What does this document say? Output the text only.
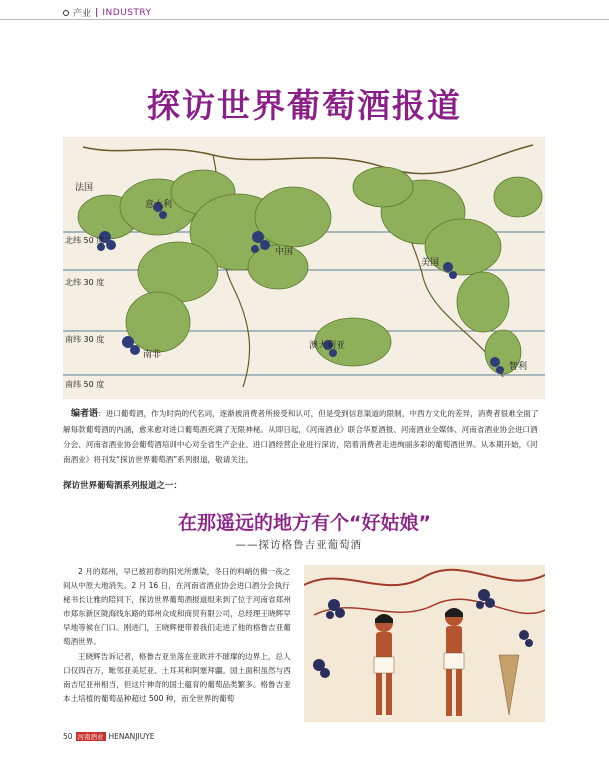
产业 | INDUSTRY
探访世界葡萄酒报道
北纬 50 度
北纬 30 度
南纬 30 度
南纬 50 度
法国
意大利
中国
美国
南非
澳大利亚
智利

编者语：进口葡萄酒，作为时尚的代名词，逐渐被消费者所接受和认可，但是受到信息渠道的限制，中西方文化的差异，消费者很难全面了解每款葡萄酒的内涵，愈来愈对进口葡萄酒充满了无限神秘。从即日起，《河南酒业》联合华夏酒报、河南酒业全媒体、河南省酒业协会进口酒分会、河南省酒业协会葡萄酒培训中心对全省生产企业、进口酒经营企业进行深访，陪着消费者走进绚丽多彩的葡萄酒世界。从本期开始，《河南酒业》将刊发“探访世界葡萄酒”系列报道，敬请关注。

探访世界葡萄酒系列报道之一：
在那遥远的地方有个“好姑娘”
——探访格鲁吉亚葡萄酒

2 月的郑州，早已被初春的阳光所熏染，冬日的料峭仿佛一夜之间从中原大地消失。2 月 16 日，在河南省酒业协会进口酒分会执行秘书长让雅的陪同下，探访世界葡萄酒报道组来到了位于河南省郑州市郑东新区陇海线东路的郑州众成和商贸有限公司，总经理王晓辉早早地等候在门口。刚进门，王晓辉便带着我们走进了他的格鲁吉亚葡萄酒世界。

王晓辉告诉记者，格鲁吉亚坐落在亚欧并不璀璨的边界上，总人口仅四百万，毗邻亚美尼亚、土耳其和阿塞拜疆。国土面积虽然与西南吉尼亚州相当，但这片神奇的国土蕴育的葡萄品类繁多。格鲁吉亚本土培植的葡萄品种超过 500 种，而全世界的葡萄

50 河南酒业 HENANJIUYE
